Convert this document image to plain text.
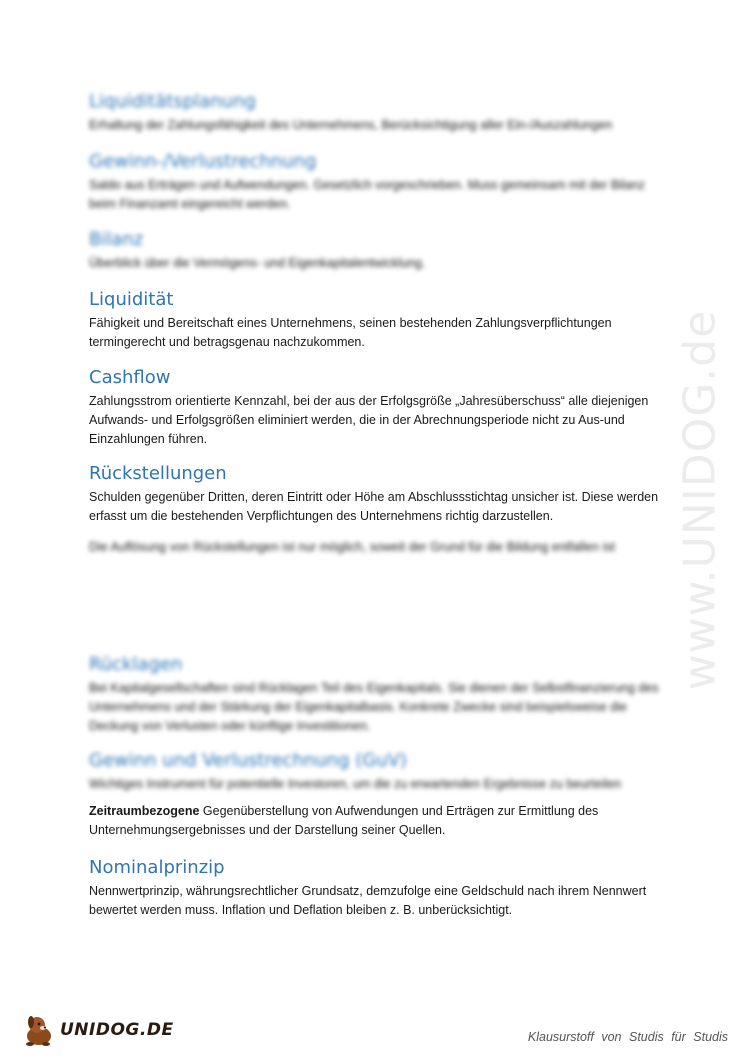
www.UNIDOG.de
Liquiditätsplanung

Erhaltung der Zahlungsfähigkeit des Unternehmens, Berücksichtigung aller Ein-/Auszahlungen

Gewinn-/Verlustrechnung

Saldo aus Erträgen und Aufwendungen. Gesetzlich vorgeschrieben. Muss gemeinsam mit der Bilanz beim Finanzamt eingereicht werden.

Bilanz

Überblick über die Vermögens- und Eigenkapitalentwicklung.

Liquidität

Fähigkeit und Bereitschaft eines Unternehmens, seinen bestehenden Zahlungsverpflichtungen termingerecht und betragsgenau nachzukommen.

Cashflow

Zahlungsstrom orientierte Kennzahl, bei der aus der Erfolgsgröße „Jahresüberschuss“ alle diejenigen Aufwands- und Erfolgsgrößen eliminiert werden, die in der Abrechnungsperiode nicht zu Aus-und Einzahlungen führen.

Rückstellungen

Schulden gegenüber Dritten, deren Eintritt oder Höhe am Abschlussstichtag unsicher ist. Diese werden erfasst um die bestehenden Verpflichtungen des Unternehmens richtig darzustellen.

Die Auflösung von Rückstellungen ist nur möglich, soweit der Grund für die Bildung entfallen ist

Rücklagen

Bei Kapitalgesellschaften sind Rücklagen Teil des Eigenkapitals. Sie dienen der Selbstfinanzierung des Unternehmens und der Stärkung der Eigenkapitalbasis. Konkrete Zwecke sind beispielsweise die Deckung von Verlusten oder künftige Investitionen.

Gewinn und Verlustrechnung (GuV)

Wichtiges Instrument für potentielle Investoren, um die zu erwartenden Ergebnisse zu beurteilen

Zeitraumbezogene Gegenüberstellung von Aufwendungen und Erträgen zur Ermittlung des Unternehmungsergebnisses und der Darstellung seiner Quellen.

Nominalprinzip

Nennwertprinzip, währungsrechtlicher Grundsatz, demzufolge eine Geldschuld nach ihrem Nennwert bewertet werden muss. Inflation und Deflation bleiben z. B. unberücksichtigt.

UNIDOG.DE	Klausurstoff von Studis für Studis
